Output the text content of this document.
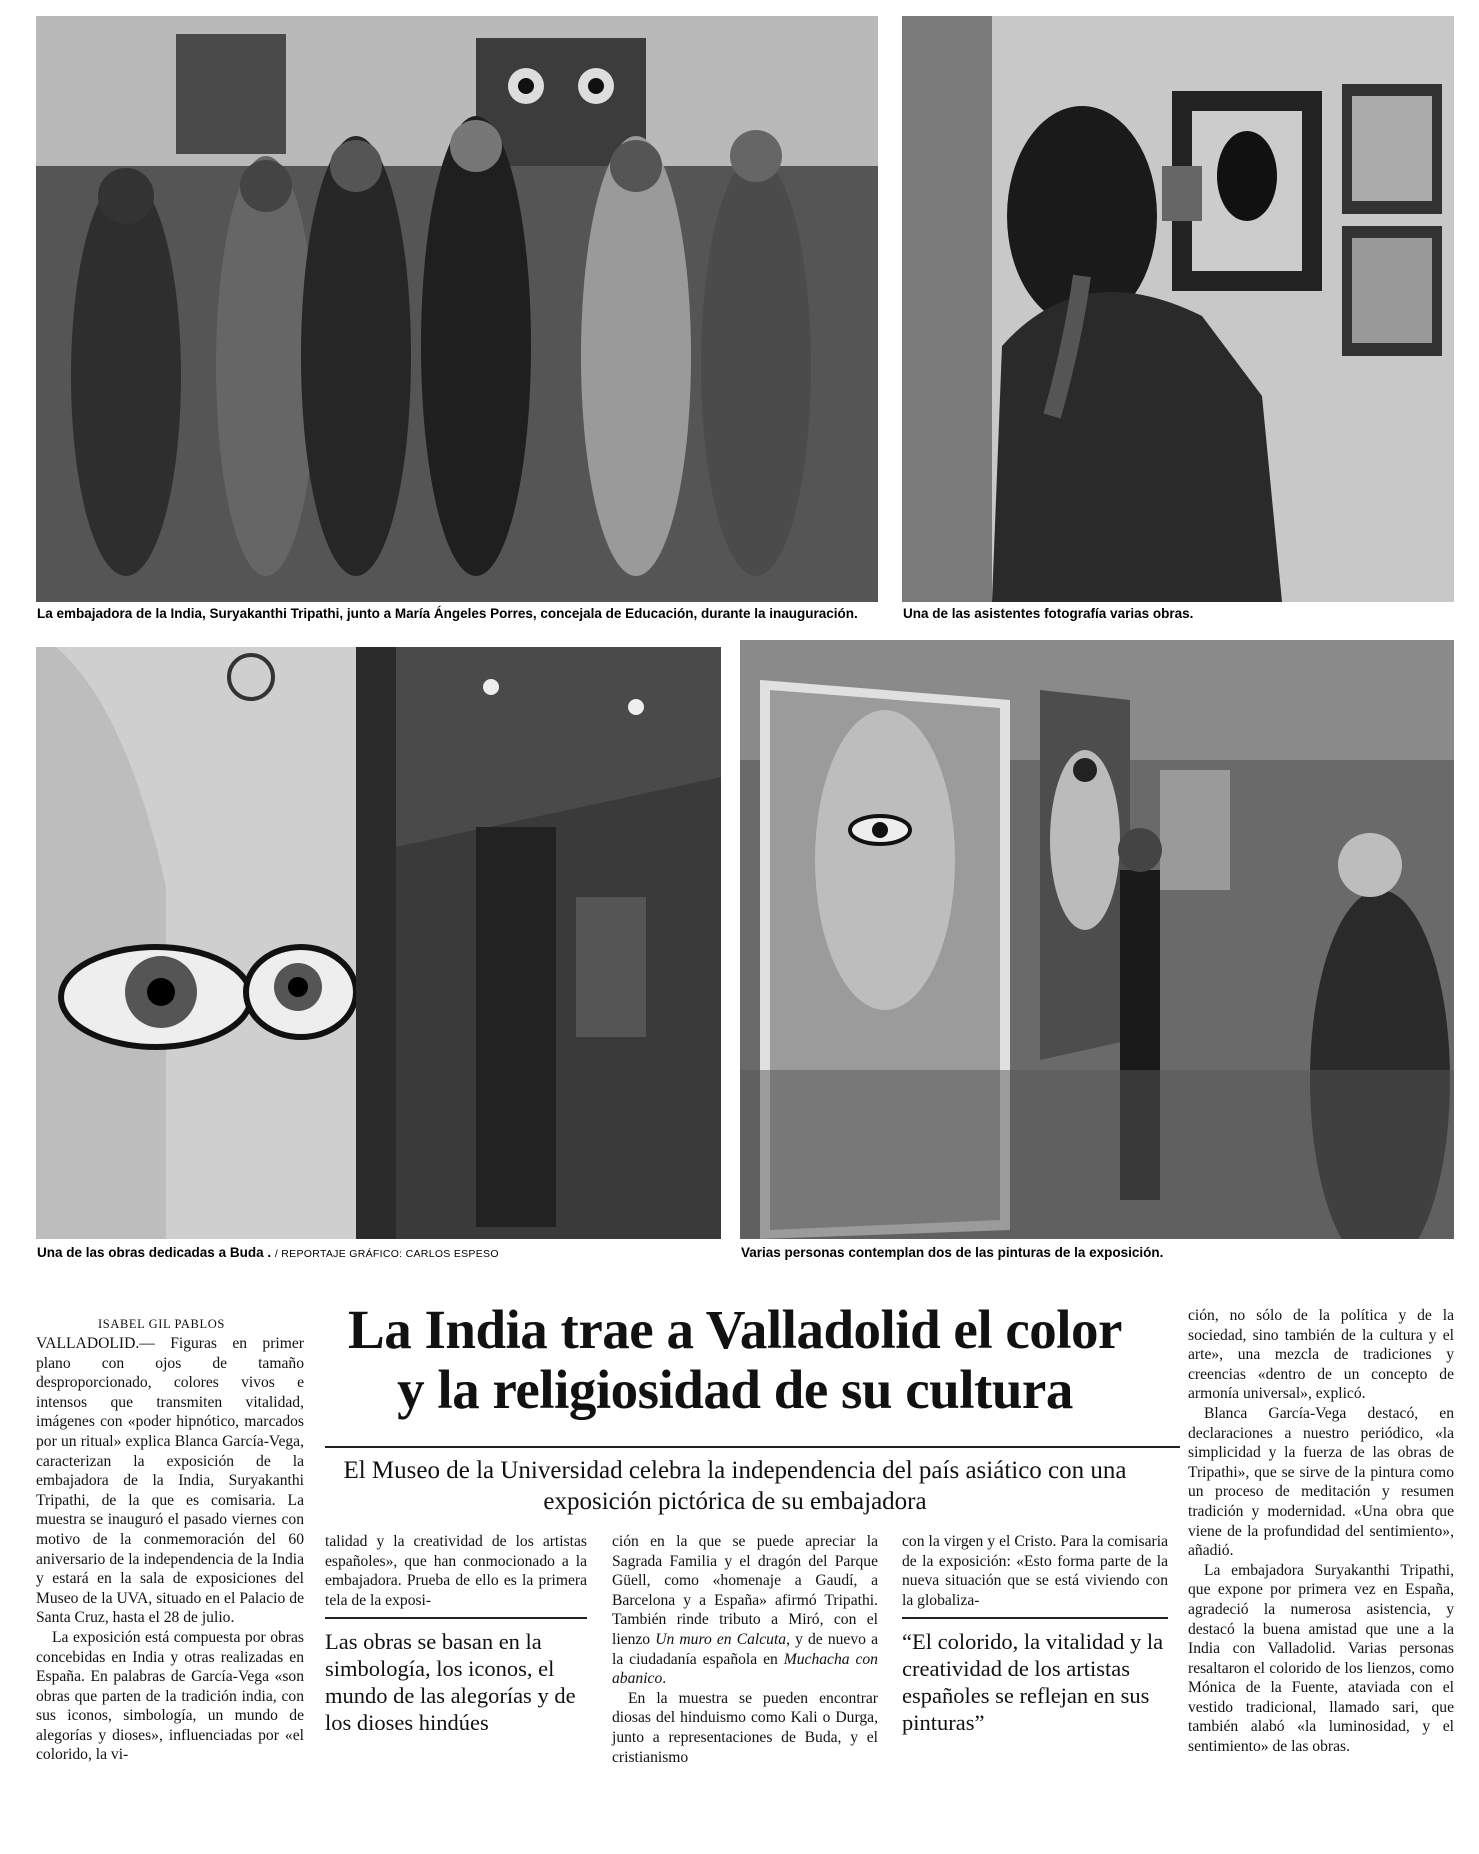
La embajadora de la India, Suryakanthi Tripathi, junto a María Ángeles Porres, concejala de Educación, durante la inauguración.	Una de las asistentes fotografía varias obras.
Una de las obras dedicadas a Buda . / REPORTAJE GRÁFICO: CARLOS ESPESO	Varias personas contemplan dos de las pinturas de la exposición.
ISABEL GIL PABLOS

VALLADOLID.— Figuras en primer plano con ojos de tamaño desproporcionado, colores vivos e intensos que transmiten vitalidad, imágenes con «poder hipnótico, marcados por un ritual» explica Blanca García-Vega, caracterizan la exposición de la embajadora de la India, Suryakanthi Tripathi, de la que es comisaria. La muestra se inauguró el pasado viernes con motivo de la conmemoración del 60 aniversario de la independencia de la India y estará en la sala de exposiciones del Museo de la UVA, situado en el Palacio de Santa Cruz, hasta el 28 de julio.

La exposición está compuesta por obras concebidas en India y otras realizadas en España. En palabras de García-Vega «son obras que parten de la tradición india, con sus iconos, simbología, un mundo de alegorías y dioses», influenciadas por «el colorido, la vi-

La India trae a Valladolid el color
y la religiosidad de su cultura
El Museo de la Universidad celebra la independencia del país asiático con una exposición pictórica de su embajadora

talidad y la creatividad de los artistas españoles», que han conmocionado a la embajadora. Prueba de ello es la primera tela de la exposi-

Las obras se basan en la simbología, los iconos, el mundo de las alegorías y de los dioses hindúes

ción en la que se puede apreciar la Sagrada Familia y el dragón del Parque Güell, como «homenaje a Gaudí, a Barcelona y a España» afirmó Tripathi. También rinde tributo a Miró, con el lienzo Un muro en Calcuta, y de nuevo a la ciudadanía española en Muchacha con abanico.

En la muestra se pueden encontrar diosas del hinduismo como Kali o Durga, junto a representaciones de Buda, y el cristianismo

con la virgen y el Cristo. Para la comisaria de la exposición: «Esto forma parte de la nueva situación que se está viviendo con la globaliza-

“El colorido, la vitalidad y la creatividad de los artistas españoles se reflejan en sus pinturas”

ción, no sólo de la política y de la sociedad, sino también de la cultura y el arte», una mezcla de tradiciones y creencias «dentro de un concepto de armonía universal», explicó.

Blanca García-Vega destacó, en declaraciones a nuestro periódico, «la simplicidad y la fuerza de las obras de Tripathi», que se sirve de la pintura como un proceso de meditación y resumen tradición y modernidad. «Una obra que viene de la profundidad del sentimiento», añadió.

La embajadora Suryakanthi Tripathi, que expone por primera vez en España, agradeció la numerosa asistencia, y destacó la buena amistad que une a la India con Valladolid. Varias personas resaltaron el colorido de los lienzos, como Mónica de la Fuente, ataviada con el vestido tradicional, llamado sari, que también alabó «la luminosidad, y el sentimiento» de las obras.
